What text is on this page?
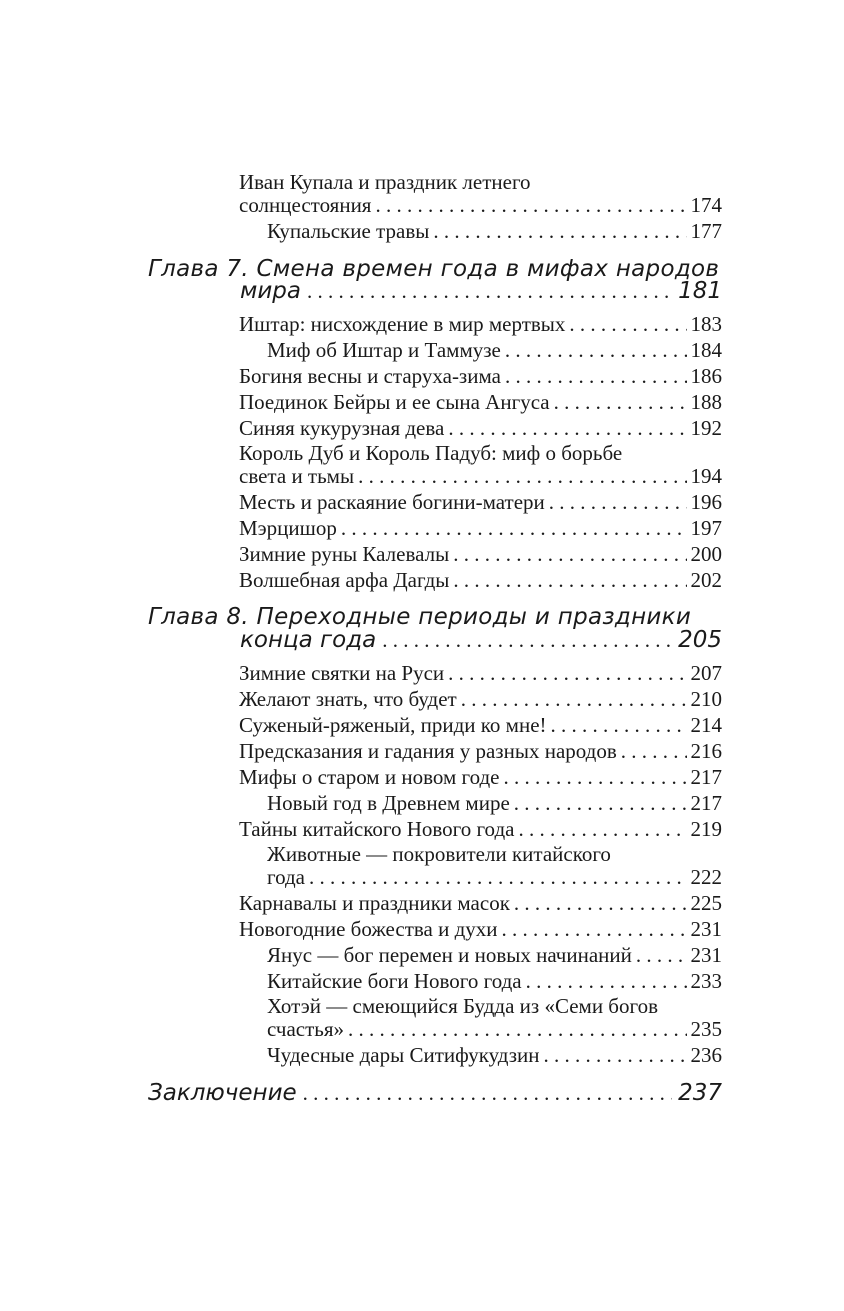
Иван Купала и праздник летнего
солнцестояния . . .	174
Купальские травы . . .	177
Глава 7. Смена времен года в мифах народов
мира . . .	181
Иштар: нисхождение в мир мертвых . . .	183
Миф об Иштар и Таммузе . . .	184
Богиня весны и старуха-зима . . .	186
Поединок Бейры и ее сына Ангуса . . .	188
Синяя кукурузная дева . . .	192
Король Дуб и Король Падуб: миф о борьбе
света и тьмы . . .	194
Месть и раскаяние богини-матери . . .	196
Мэрцишор . . .	197
Зимние руны Калевалы . . .	200
Волшебная арфа Дагды . . .	202
Глава 8. Переходные периоды и праздники
конца года . . .	205
Зимние святки на Руси . . .	207
Желают знать, что будет . . .	210
Суженый-ряженый, приди ко мне! . . .	214
Предсказания и гадания у разных народов . . .	216
Мифы о старом и новом годе . . .	217
Новый год в Древнем мире . . .	217
Тайны китайского Нового года . . .	219
Животные — покровители китайского
года . . .	222
Карнавалы и праздники масок . . .	225
Новогодние божества и духи . . .	231
Янус — бог перемен и новых начинаний . . .	231
Китайские боги Нового года . . .	233
Хотэй — смеющийся Будда из «Семи богов
счастья» . . .	235
Чудесные дары Ситифукудзин . . .	236
Заключение . . .	237
